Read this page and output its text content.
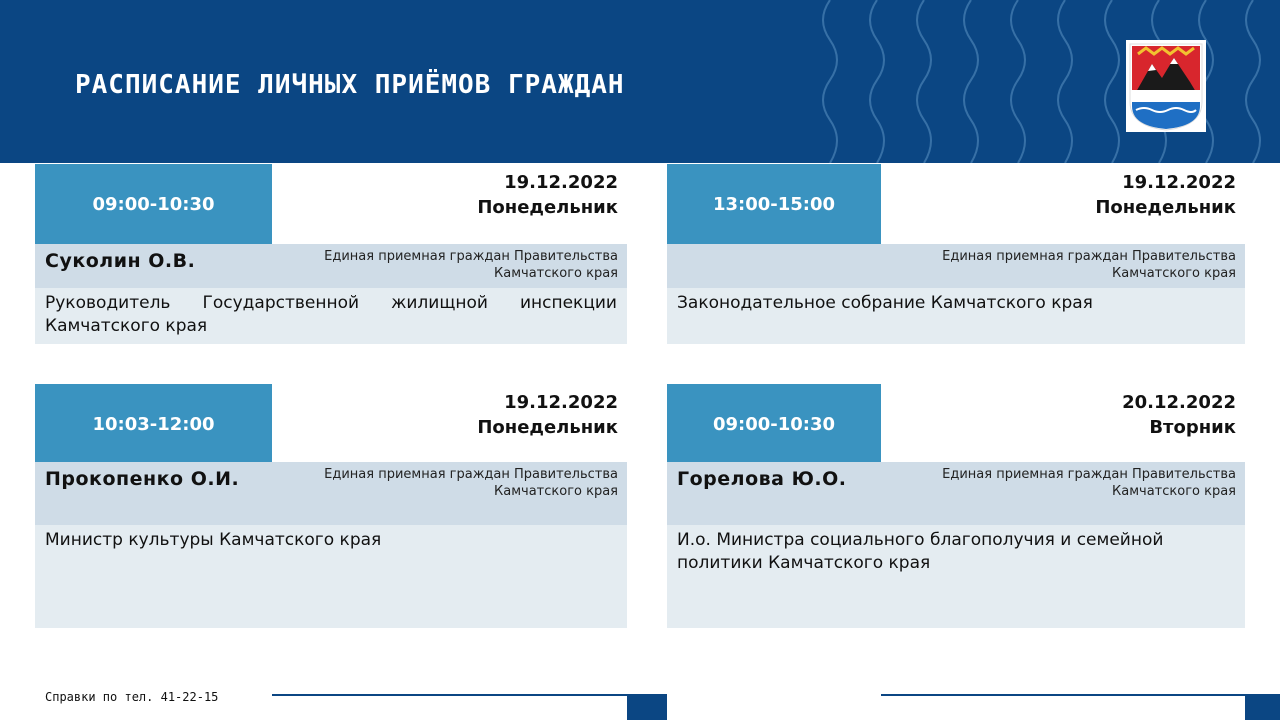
РАСПИСАНИЕ ЛИЧНЫХ ПРИЁМОВ ГРАЖДАН
09:00-10:30
19.12.2022
Понедельник
Суколин О.В.	Единая приемная граждан Правительства Камчатского края
Руководитель Государственной жилищной инспекции Камчатского края
13:00-15:00
19.12.2022
Понедельник
Единая приемная граждан Правительства Камчатского края
Законодательное собрание Камчатского края
10:03-12:00
19.12.2022
Понедельник
Прокопенко О.И.	Единая приемная граждан Правительства Камчатского края
Министр культуры Камчатского края
09:00-10:30
20.12.2022
Вторник
Горелова Ю.О.	Единая приемная граждан Правительства Камчатского края
И.о. Министра социального благополучия и семейной политики Камчатского края
Справки по тел. 41-22-15
